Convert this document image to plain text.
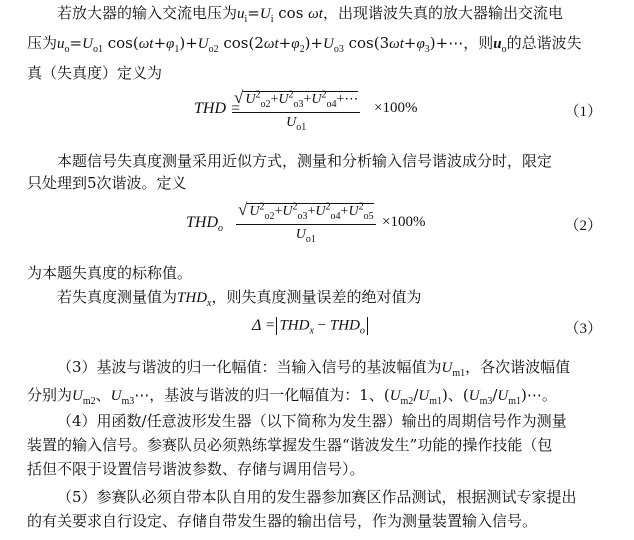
若放大器的输入交流电压为$u_i=U_i$ cos ωt，出现谐波失真的放大器输出交流电
压为$u_o=U_{o1}$ $\cos(\omega t+\varphi_1)+U_{o2}$ $\cos(2\omega t+\varphi_2)+U_{o3}$ $\cos(3\omega t+\varphi_3)+\cdots$，则$u_o$的总谐波失
真（失真度）定义为
THD =
$\frac{√ U^2_{o2}+U^2_{o3}+U^2_{o4}+\cdots}{U_{o1}} \times 100\%$	（1）
本题信号失真度测量采用近似方式，测量和分析输入信号谐波成分时，限定
只处理到5次谐波。定义
$THD_o \frac{√ U^2_{o2}+U^2_{o3}+U^2_{o4}+U^2_{o5}}{U_{o1}} \times 100\%$	（2）
为本题失真度的标称值。
若失真度测量值为$THD_x$，则失真度测量误差的绝对值为
$\Delta = THD_x - THD_o$	（3）
（3）基波与谐波的归一化幅值：当输入信号的基波幅值为$U_{m1}$，各次谐波幅值
分别为$U_{m2}$、$U_{m3}\cdots$，基波与谐波的归一化幅值为：1、$(U_{m2}/U_{m1})$、$(U_{m3}/U_{m1})\cdots$。
（4）用函数/任意波形发生器（以下简称为发生器）输出的周期信号作为测量
装置的输入信号。参赛队员必须熟练掌握发生器“谐波发生”功能的操作技能（包
括但不限于设置信号谐波参数、存储与调用信号）。
（5）参赛队必须自带本队自用的发生器参加赛区作品测试，根据测试专家提出
的有关要求自行设定、存储自带发生器的输出信号，作为测量装置输入信号。
